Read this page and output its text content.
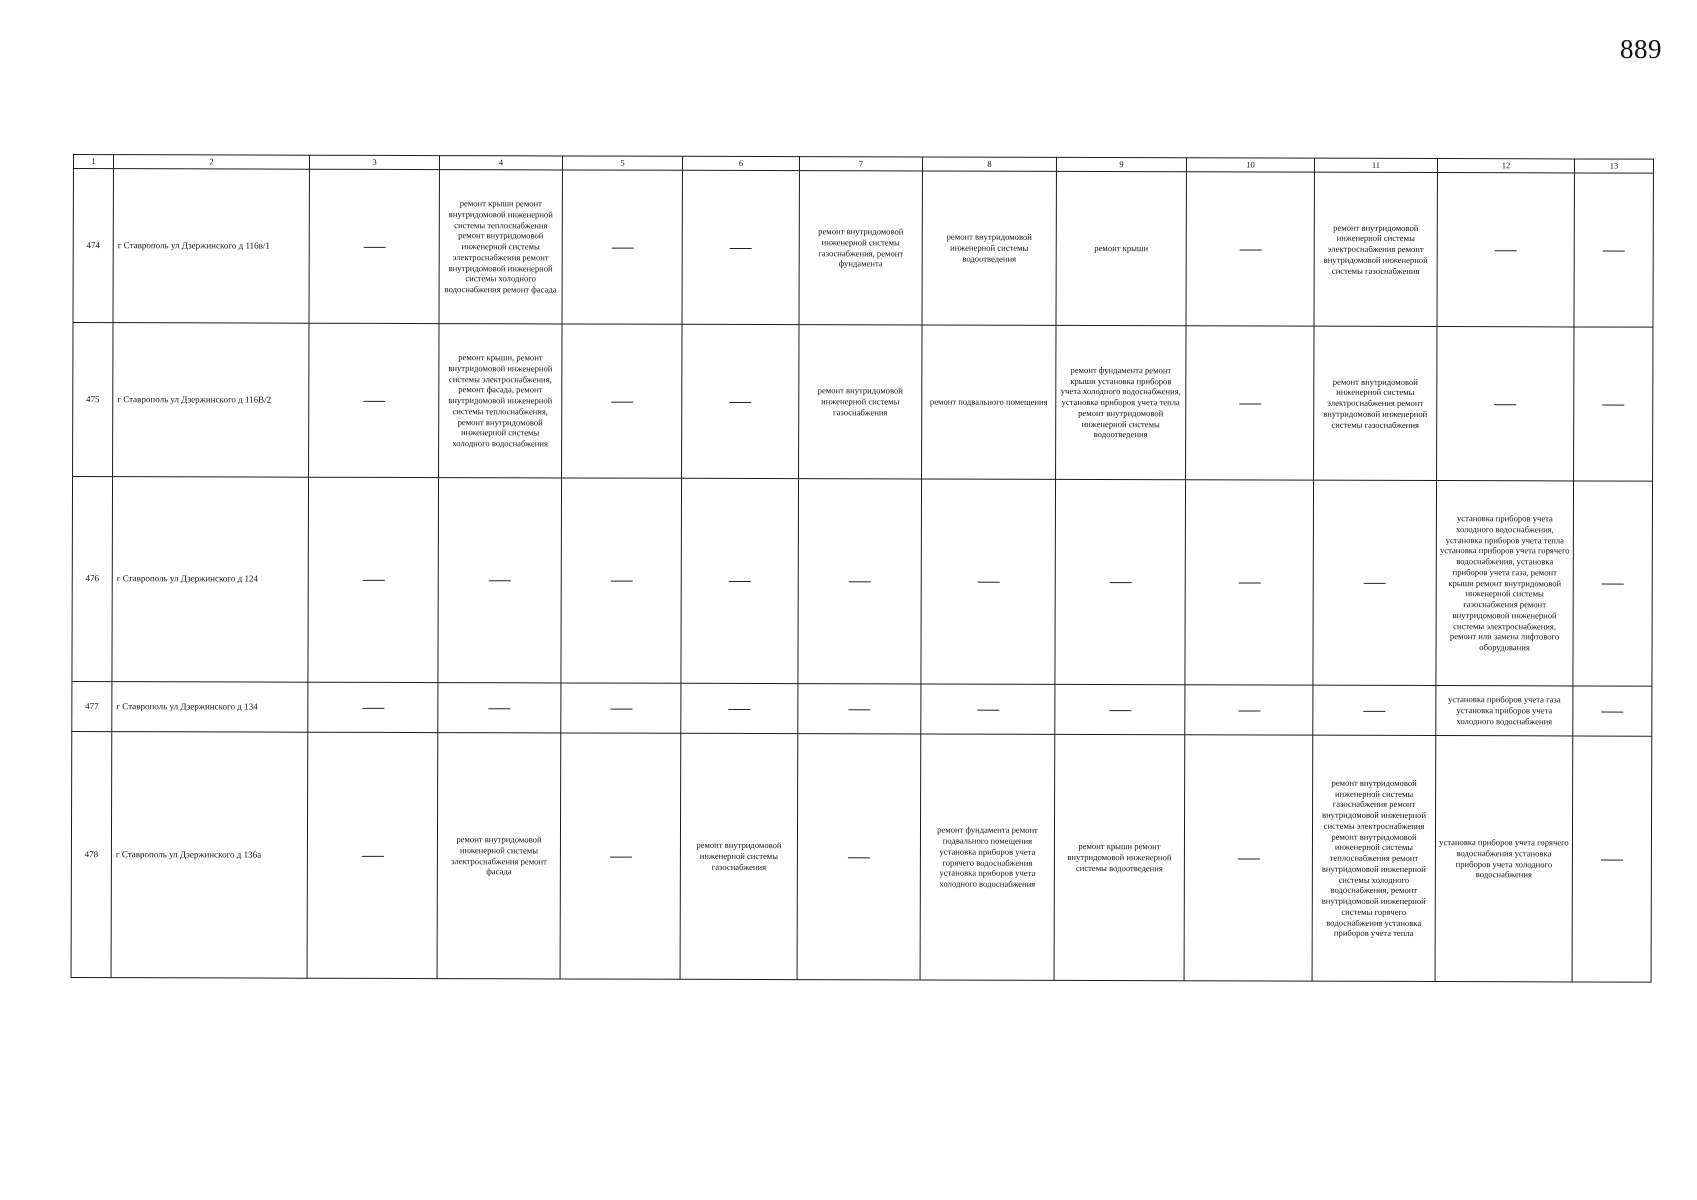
889
1	2	3	4	5	6	7	8	9	10	11	12	13
474	г Ставрополь ул Дзержинского д 116в/1		ремонт крыши ремонт внутридомовой инженерной системы теплоснабжения ремонт внутридомовой инженерной системы электроснабжения ремонт внутридомовой инженерной системы холодного водоснабжения ремонт фасада			ремонт внутридомовой инженерной системы газоснабжения, ремонт фундамента	ремонт внутридомовой инженерной системы водоотведения	ремонт крыши		ремонт внутридомовой инженерной системы электроснабжения ремонт внутридомовой инженерной системы газоснабжения		
475	г Ставрополь ул Дзержинского д 116В/2		ремонт крыши, ремонт внутридомовой инженерной системы электроснабжения, ремонт фасада, ремонт внутридомовой инженерной системы теплоснабжения, ремонт внутридомовой инженерной системы холодного водоснабжения			ремонт внутридомовой инженерной системы газоснабжения	ремонт подвального помещения	ремонт фундамента ремонт крыши установка приборов учета холодного водоснабжения, установка приборов учета тепла ремонт внутридомовой инженерной системы водоотведения		ремонт внутридомовой инженерной системы электроснабжения ремонт внутридомовой инженерной системы газоснабжения		
476	г Ставрополь ул Дзержинского д 124										установка приборов учета холодного водоснабжения, установка приборов учета тепла установка приборов учета горячего водоснабжения, установка приборов учета газа, ремонт крыши ремонт внутридомовой инженерной системы газоснабжения ремонт внутридомовой инженерной системы электроснабжения, ремонт или замена лифтового оборудования	
477	г Ставрополь ул Дзержинского д 134										установка приборов учета газа установка приборов учета холодного водоснабжения	
478	г Ставрополь ул Дзержинского д 136а		ремонт внутридомовой инженерной системы электроснабжения ремонт фасада		ремонт внутридомовой инженерной системы газоснабжения		ремонт фундамента ремонт подвального помещения установка приборов учета горячего водоснабжения установка приборов учета холодного водоснабжения	ремонт крыши ремонт внутридомовой инженерной системы водоотведения		ремонт внутридомовой инженерной системы газоснабжения ремонт внутридомовой инженерной системы электроснабжения ремонт внутридомовой инженерной системы теплоснабжения ремонт внутридомовой инженерной системы холодного водоснабжения, ремонт внутридомовой инженерной системы горячего водоснабжения установка приборов учета тепла	установка приборов учета горячего водоснабжения установка приборов учета холодного водоснабжения	
